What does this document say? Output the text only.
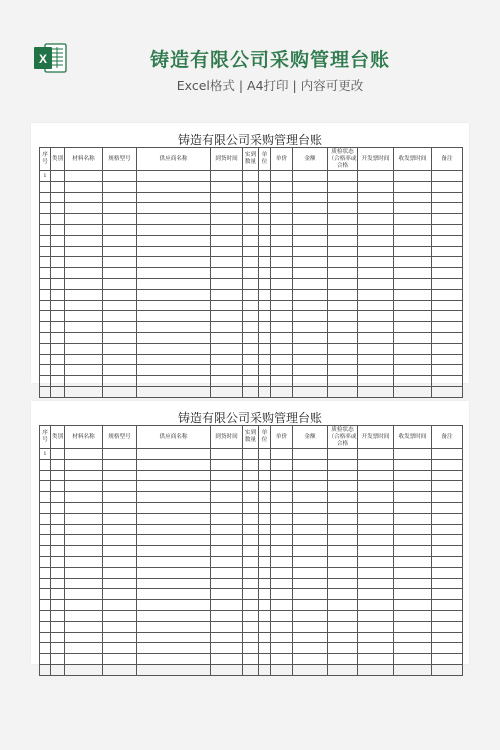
X	铸造有限公司采购管理台账
Excel格式 | A4打印 | 内容可更改
铸造有限公司采购管理台账
序号	类别	材料名称	规格型号	供应商名称	到货时间	实到数量	单位	单价	金额	质检状态（合格率或合格	开发票时间	收发票时间	备注
1													

铸造有限公司采购管理台账
序号	类别	材料名称	规格型号	供应商名称	到货时间	实到数量	单位	单价	金额	质检状态（合格率或合格	开发票时间	收发票时间	备注
1													
